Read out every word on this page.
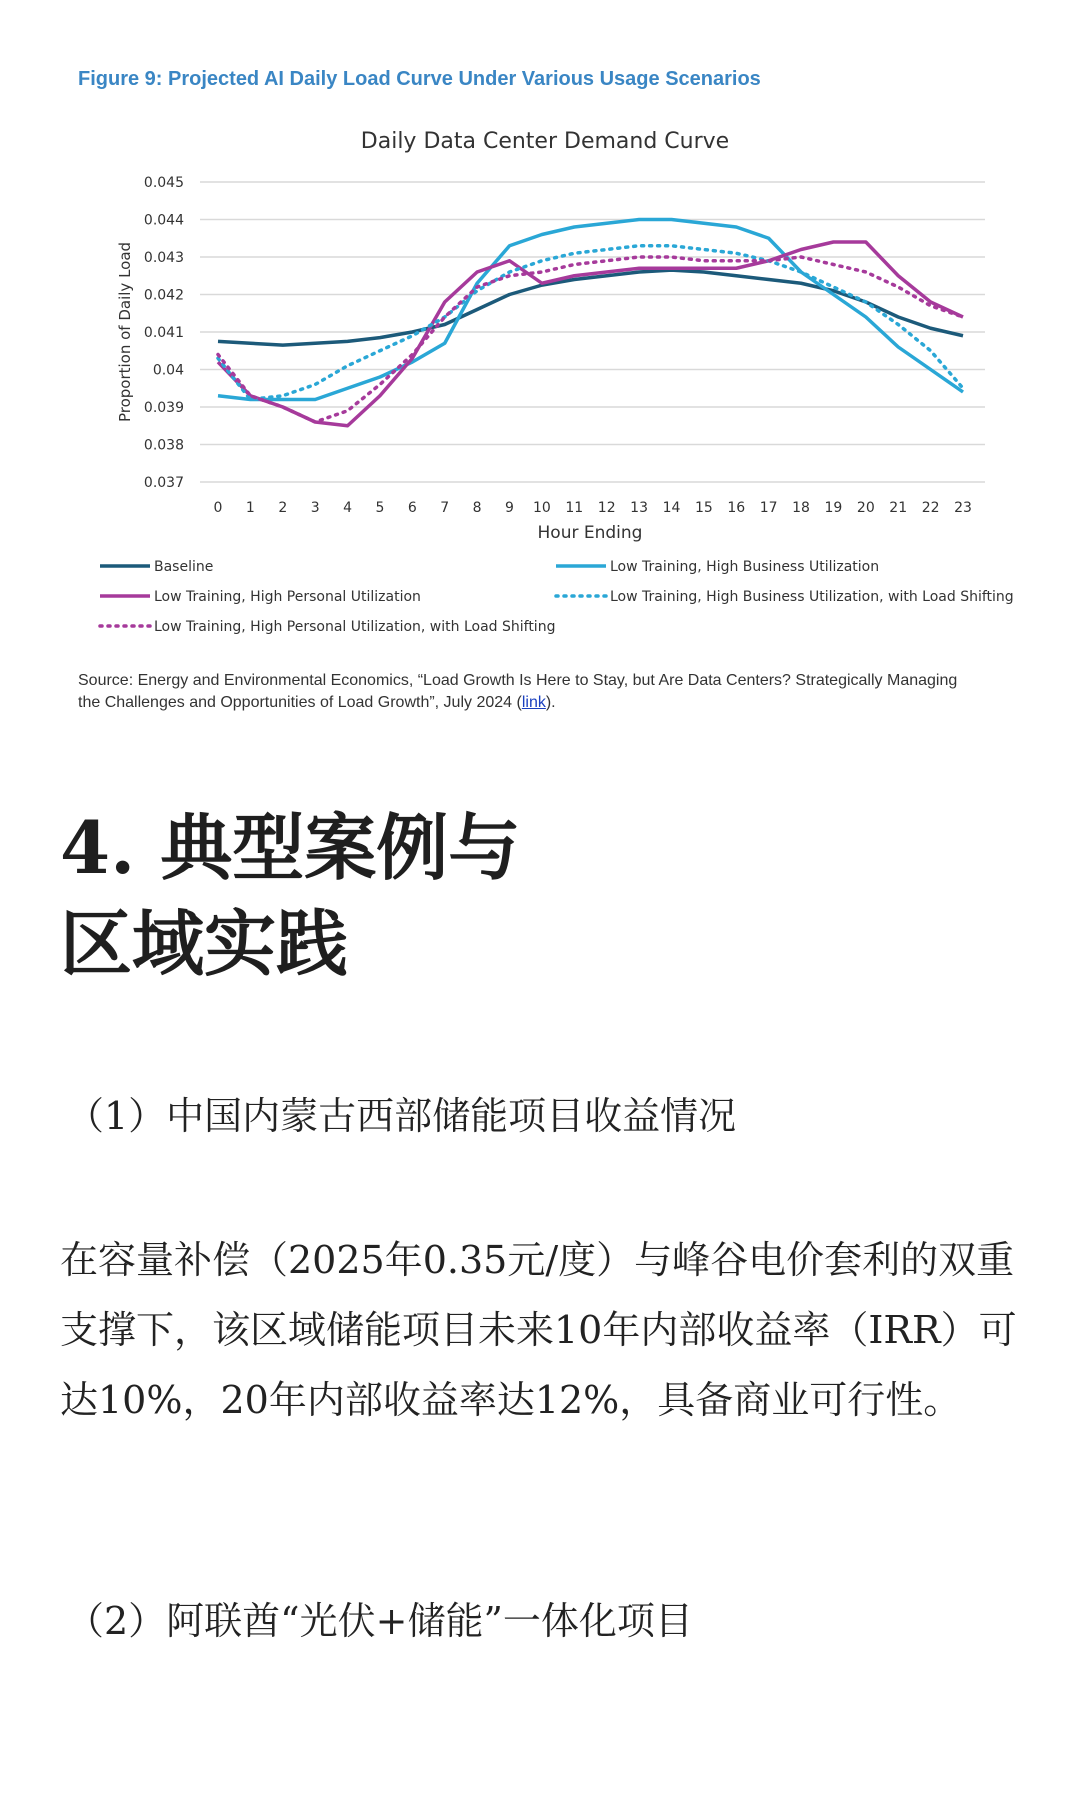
Figure 9: Projected AI Daily Load Curve Under Various Usage Scenarios
Daily Data Center Demand Curve
0.045
0.044
0.043
0.042
0.041
0.04
0.039
0.038
0.037
0 1 2 3 4 5 6 7 8 9 10 11 12 13 14 15 16 17 18 19 20 21 22 23
Hour Ending
Proportion of Daily Load
Baseline	Low Training, High Business Utilization
Low Training, High Personal Utilization	Low Training, High Business Utilization, with Load Shifting
Low Training, High Personal Utilization, with Load Shifting
Source: Energy and Environmental Economics, “Load Growth Is Here to Stay, but Are Data Centers? Strategically Managing the Challenges and Opportunities of Load Growth”, July 2024 (link).
4. 典型案例与
区域实践
（1）中国内蒙古西部储能项目收益情况
在容量补偿（2025年0.35元/度）与峰谷电价套利的双重支撑下，该区域储能项目未来10年内部收益率（IRR）可达10%，20年内部收益率达12%，具备商业可行性。
（2）阿联酋“光伏+储能”一体化项目
